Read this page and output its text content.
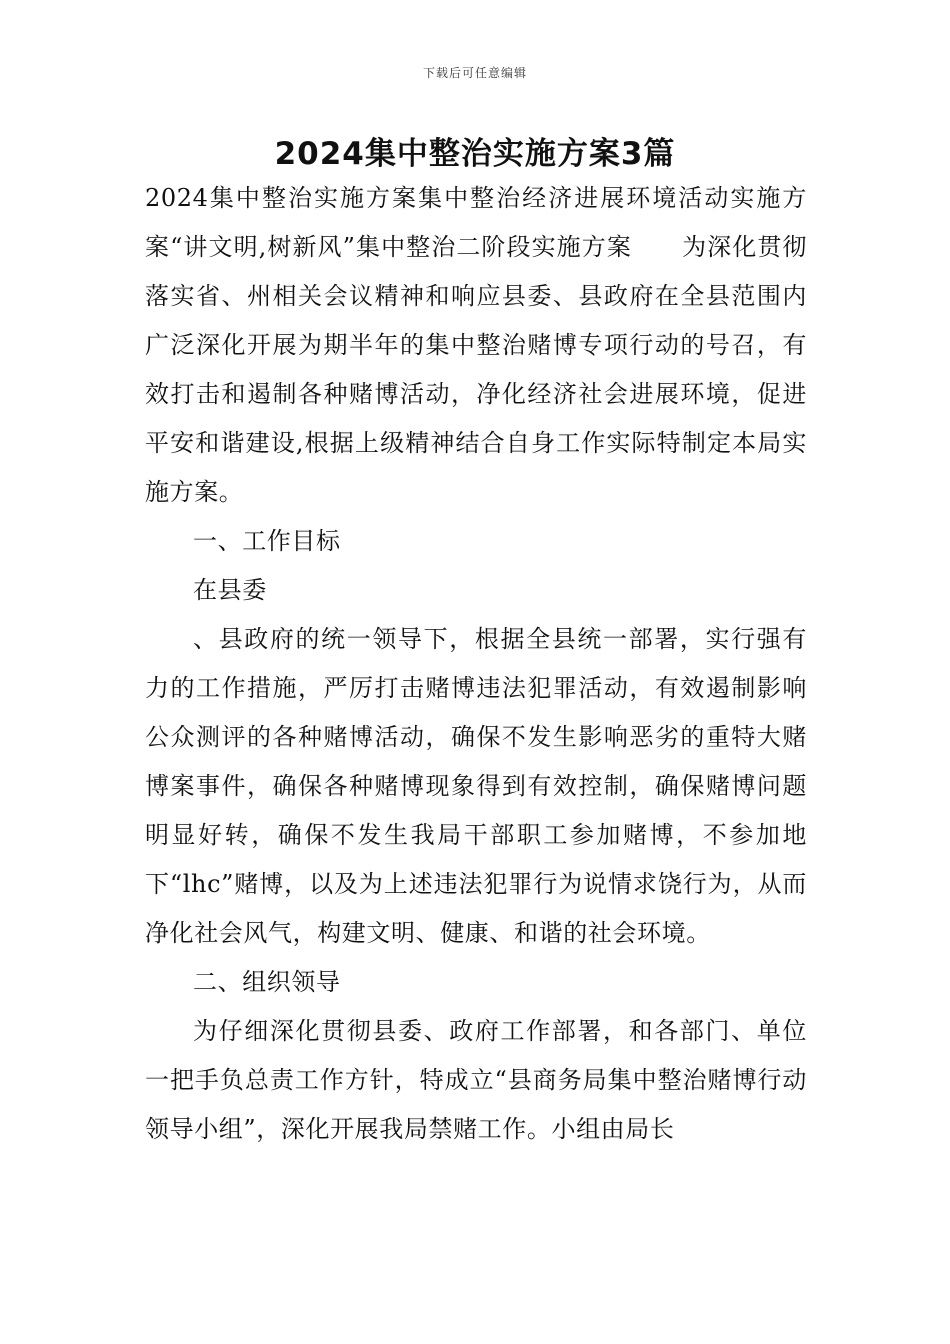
下载后可任意编辑
2024集中整治实施方案3篇

2024集中整治实施方案集中整治经济进展环境活动实施方案“讲文明,树新风”集中整治二阶段实施方案　　为深化贯彻落实省、州相关会议精神和响应县委、县政府在全县范围内广泛深化开展为期半年的集中整治赌博专项行动的号召，有效打击和遏制各种赌博活动，净化经济社会进展环境，促进平安和谐建设,根据上级精神结合自身工作实际特制定本局实施方案。

一、工作目标

在县委

、县政府的统一领导下，根据全县统一部署，实行强有力的工作措施，严厉打击赌博违法犯罪活动，有效遏制影响公众测评的各种赌博活动，确保不发生影响恶劣的重特大赌博案事件，确保各种赌博现象得到有效控制，确保赌博问题明显好转，确保不发生我局干部职工参加赌博，不参加地下“lhc”赌博，以及为上述违法犯罪行为说情求饶行为，从而净化社会风气，构建文明、健康、和谐的社会环境。

二、组织领导

为仔细深化贯彻县委、政府工作部署，和各部门、单位一把手负总责工作方针，特成立“县商务局集中整治赌博行动领导小组”，深化开展我局禁赌工作。小组由局长
